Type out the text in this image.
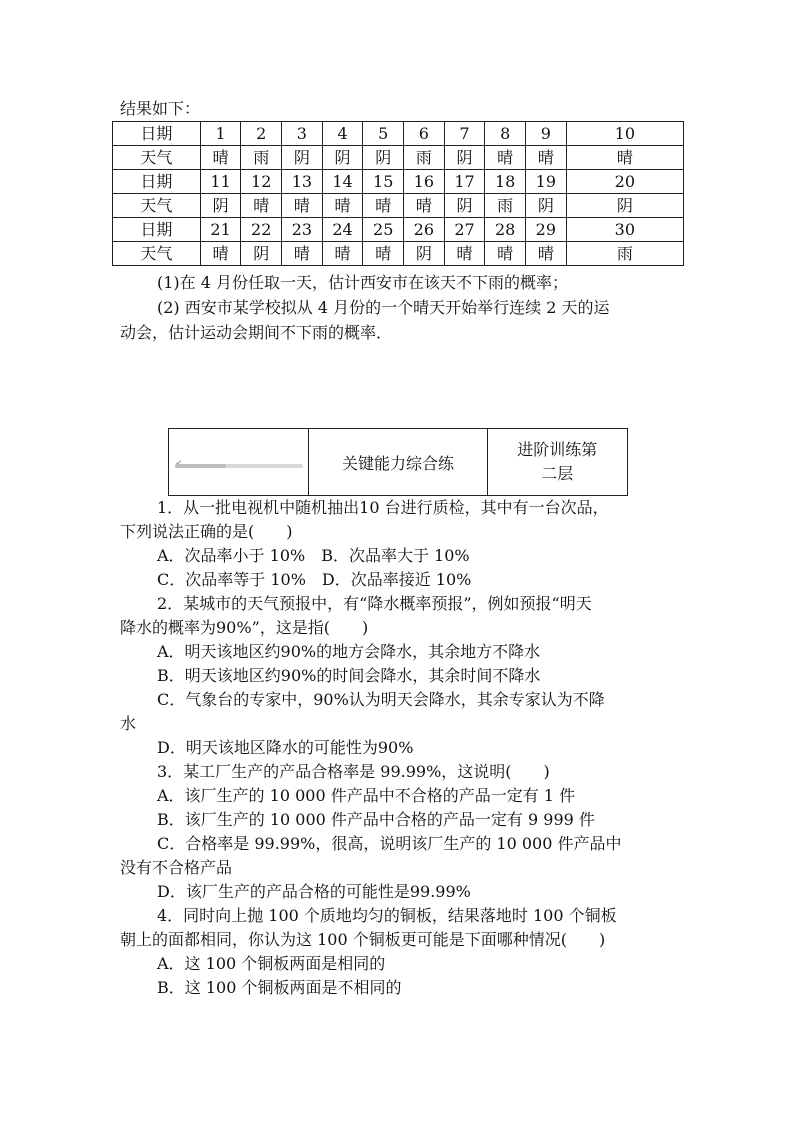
结果如下：
日期	1	2	3	4	5	6	7	8	9	10
天气	晴	雨	阴	阴	阴	雨	阴	晴	晴	晴
日期	11	12	13	14	15	16	17	18	19	20
天气	阴	晴	晴	晴	晴	晴	阴	雨	阴	阴
日期	21	22	23	24	25	26	27	28	29	30
天气	晴	阴	晴	晴	晴	阴	晴	晴	晴	雨
(1)在 4 月份任取一天，估计西安市在该天不下雨的概率；
(2) 西安市某学校拟从 4 月份的一个晴天开始举行连续 2 天的运
动会，估计运动会期间不下雨的概率．
	关键能力综合练	进阶训练第
二层
1．从一批电视机中随机抽出10 台进行质检，其中有一台次品，
下列说法正确的是(　　)
A．次品率小于 10%　B．次品率大于 10%
C．次品率等于 10%　D．次品率接近 10%
2．某城市的天气预报中，有“降水概率预报”，例如预报“明天
降水的概率为90%”，这是指(　　)
A．明天该地区约90%的地方会降水，其余地方不降水
B．明天该地区约90%的时间会降水，其余时间不降水
C．气象台的专家中，90%认为明天会降水，其余专家认为不降
水
D．明天该地区降水的可能性为90%
3．某工厂生产的产品合格率是 99.99%，这说明(　　)
A．该厂生产的 10 000 件产品中不合格的产品一定有 1 件
B．该厂生产的 10 000 件产品中合格的产品一定有 9 999 件
C．合格率是 99.99%，很高，说明该厂生产的 10 000 件产品中
没有不合格产品
D．该厂生产的产品合格的可能性是99.99%
4．同时向上抛 100 个质地均匀的铜板，结果落地时 100 个铜板
朝上的面都相同，你认为这 100 个铜板更可能是下面哪种情况(　　)
A．这 100 个铜板两面是相同的
B．这 100 个铜板两面是不相同的
